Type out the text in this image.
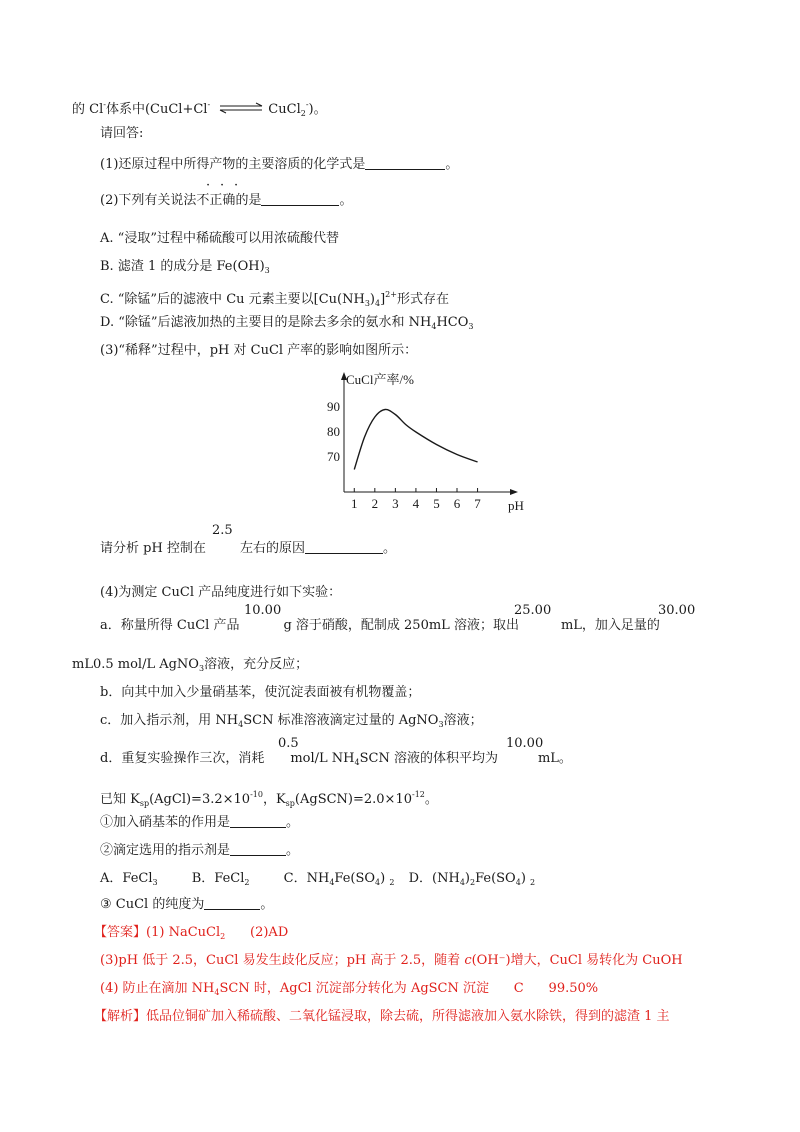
的 Cl-体系中(CuCl+Cl- ⇌ CuCl$_2$-)。
请回答:
(1)还原过程中所得产物的主要溶质的化学式是	。
(2)下列有关说法不正确的是	。
· · ·
A. “浸取”过程中稀硫酸可以用浓硫酸代替
B. 滤渣 1 的成分是 $Fe(OH)_3$
C. “除锰”后的滤液中 Cu 元素主要以$[Cu(NH_3)_4]^{2+}$形式存在
D. “除锰”后滤液加热的主要目的是除去多余的氨水和 $NH_4HCO_3$
(3)“稀释”过程中，pH 对 CuCl 产率的影响如图所示：
CuCl产率/%
pH
1 2 3 4 5 6 7
70
80
90
请分析 pH 控制在	左右的原因	。
2.5
(4)为测定 CuCl 产品纯度进行如下实验：
a．称量所得 CuCl 产品	g 溶于硝酸，配制成 250mL 溶液；取出	mL，加入足量的
10.00	25.00	30.00
mL0.5 mol/L AgNO$_3$溶液，充分反应；
b．向其中加入少量硝基苯，使沉淀表面被有机物覆盖；
c．加入指示剂，用 $NH_4SCN$ 标准溶液滴定过量的 AgNO$_3$溶液；
d．重复实验操作三次，消耗 mol/L $NH_4SCN$ 溶液的体积平均为	mL。
0.5	10.00
已知 $K_{sp}(AgCl)=3.2\times 10^{-10}$，$K_{sp}(AgSCN)=2.0\times 10^{-12}$。
①加入硝基苯的作用是	。
②滴定选用的指示剂是	。
A．FeCl$_3$	B．FeCl$_2$	C．$NH_4Fe(SO_4)$ $_2$ D．$(NH_4)_2Fe(SO_4)$ $_2$
③ CuCl 的纯度为	。
【答案】(1) NaCuCl$_2$      (2)AD
(3)pH 低于 2.5，CuCl 易发生歧化反应；pH 高于 2.5，随着 c(OH⁻)增大，CuCl 易转化为 CuOH
(4) 防止在滴加 $NH_4SCN$ 时，AgCl 沉淀部分转化为 AgSCN 沉淀      C      99.50%
【解析】低品位铜矿加入稀硫酸、二氧化锰浸取，除去硫，所得滤液加入氨水除铁，得到的滤渣 1 主
